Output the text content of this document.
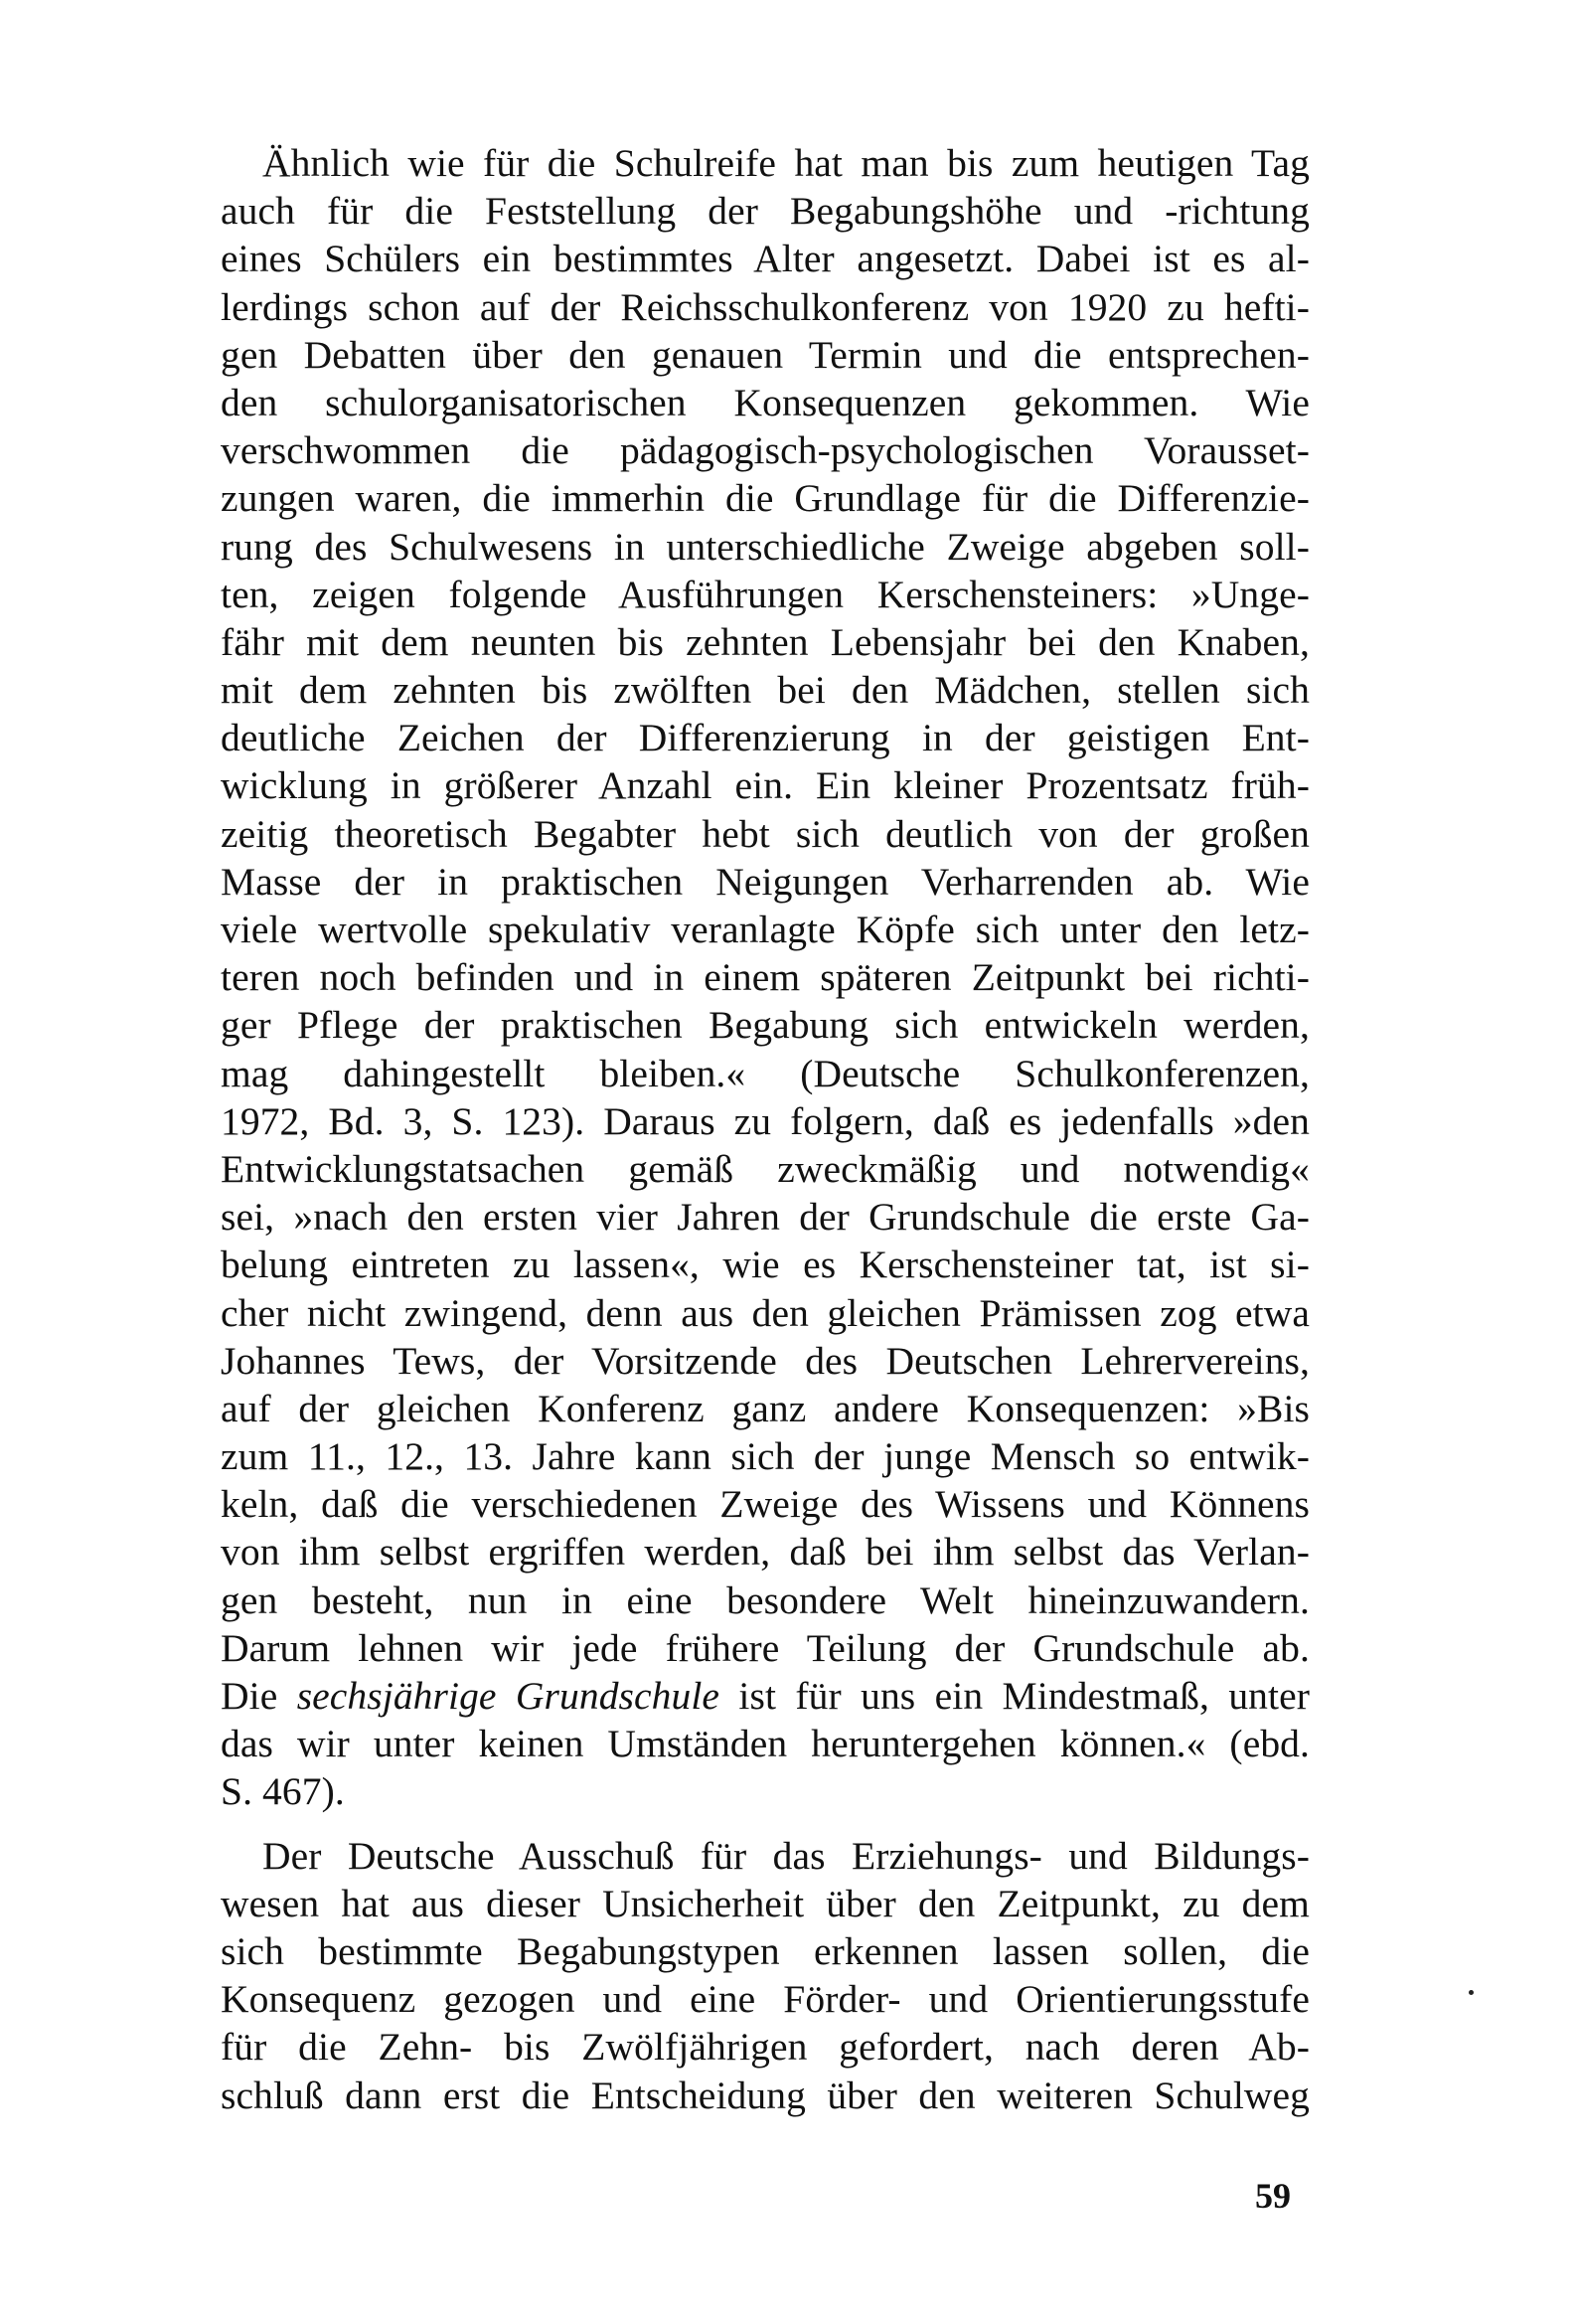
Ähnlich wie für die Schulreife hat man bis zum heutigen Tag
auch für die Feststellung der Begabungshöhe und -richtung
eines Schülers ein bestimmtes Alter angesetzt. Dabei ist es al-
lerdings schon auf der Reichsschulkonferenz von 1920 zu hefti-
gen Debatten über den genauen Termin und die entsprechen-
den schulorganisatorischen Konsequenzen gekommen. Wie
verschwommen die pädagogisch-psychologischen Vorausset-
zungen waren, die immerhin die Grundlage für die Differenzie-
rung des Schulwesens in unterschiedliche Zweige abgeben soll-
ten, zeigen folgende Ausführungen Kerschensteiners: »Unge-
fähr mit dem neunten bis zehnten Lebensjahr bei den Knaben,
mit dem zehnten bis zwölften bei den Mädchen, stellen sich
deutliche Zeichen der Differenzierung in der geistigen Ent-
wicklung in größerer Anzahl ein. Ein kleiner Prozentsatz früh-
zeitig theoretisch Begabter hebt sich deutlich von der großen
Masse der in praktischen Neigungen Verharrenden ab. Wie
viele wertvolle spekulativ veranlagte Köpfe sich unter den letz-
teren noch befinden und in einem späteren Zeitpunkt bei richti-
ger Pflege der praktischen Begabung sich entwickeln werden,
mag dahingestellt bleiben.« (Deutsche Schulkonferenzen,
1972, Bd. 3, S. 123). Daraus zu folgern, daß es jedenfalls »den
Entwicklungstatsachen gemäß zweckmäßig und notwendig«
sei, »nach den ersten vier Jahren der Grundschule die erste Ga-
belung eintreten zu lassen«, wie es Kerschensteiner tat, ist si-
cher nicht zwingend, denn aus den gleichen Prämissen zog etwa
Johannes Tews, der Vorsitzende des Deutschen Lehrervereins,
auf der gleichen Konferenz ganz andere Konsequenzen: »Bis
zum 11., 12., 13. Jahre kann sich der junge Mensch so entwik-
keln, daß die verschiedenen Zweige des Wissens und Könnens
von ihm selbst ergriffen werden, daß bei ihm selbst das Verlan-
gen besteht, nun in eine besondere Welt hineinzuwandern.
Darum lehnen wir jede frühere Teilung der Grundschule ab.
Die sechsjährige Grundschule ist für uns ein Mindestmaß, unter
das wir unter keinen Umständen heruntergehen können.« (ebd.
S. 467).
Der Deutsche Ausschuß für das Erziehungs- und Bildungs-
wesen hat aus dieser Unsicherheit über den Zeitpunkt, zu dem
sich bestimmte Begabungstypen erkennen lassen sollen, die
Konsequenz gezogen und eine Förder- und Orientierungsstufe
für die Zehn- bis Zwölfjährigen gefordert, nach deren Ab-
schluß dann erst die Entscheidung über den weiteren Schulweg
59
